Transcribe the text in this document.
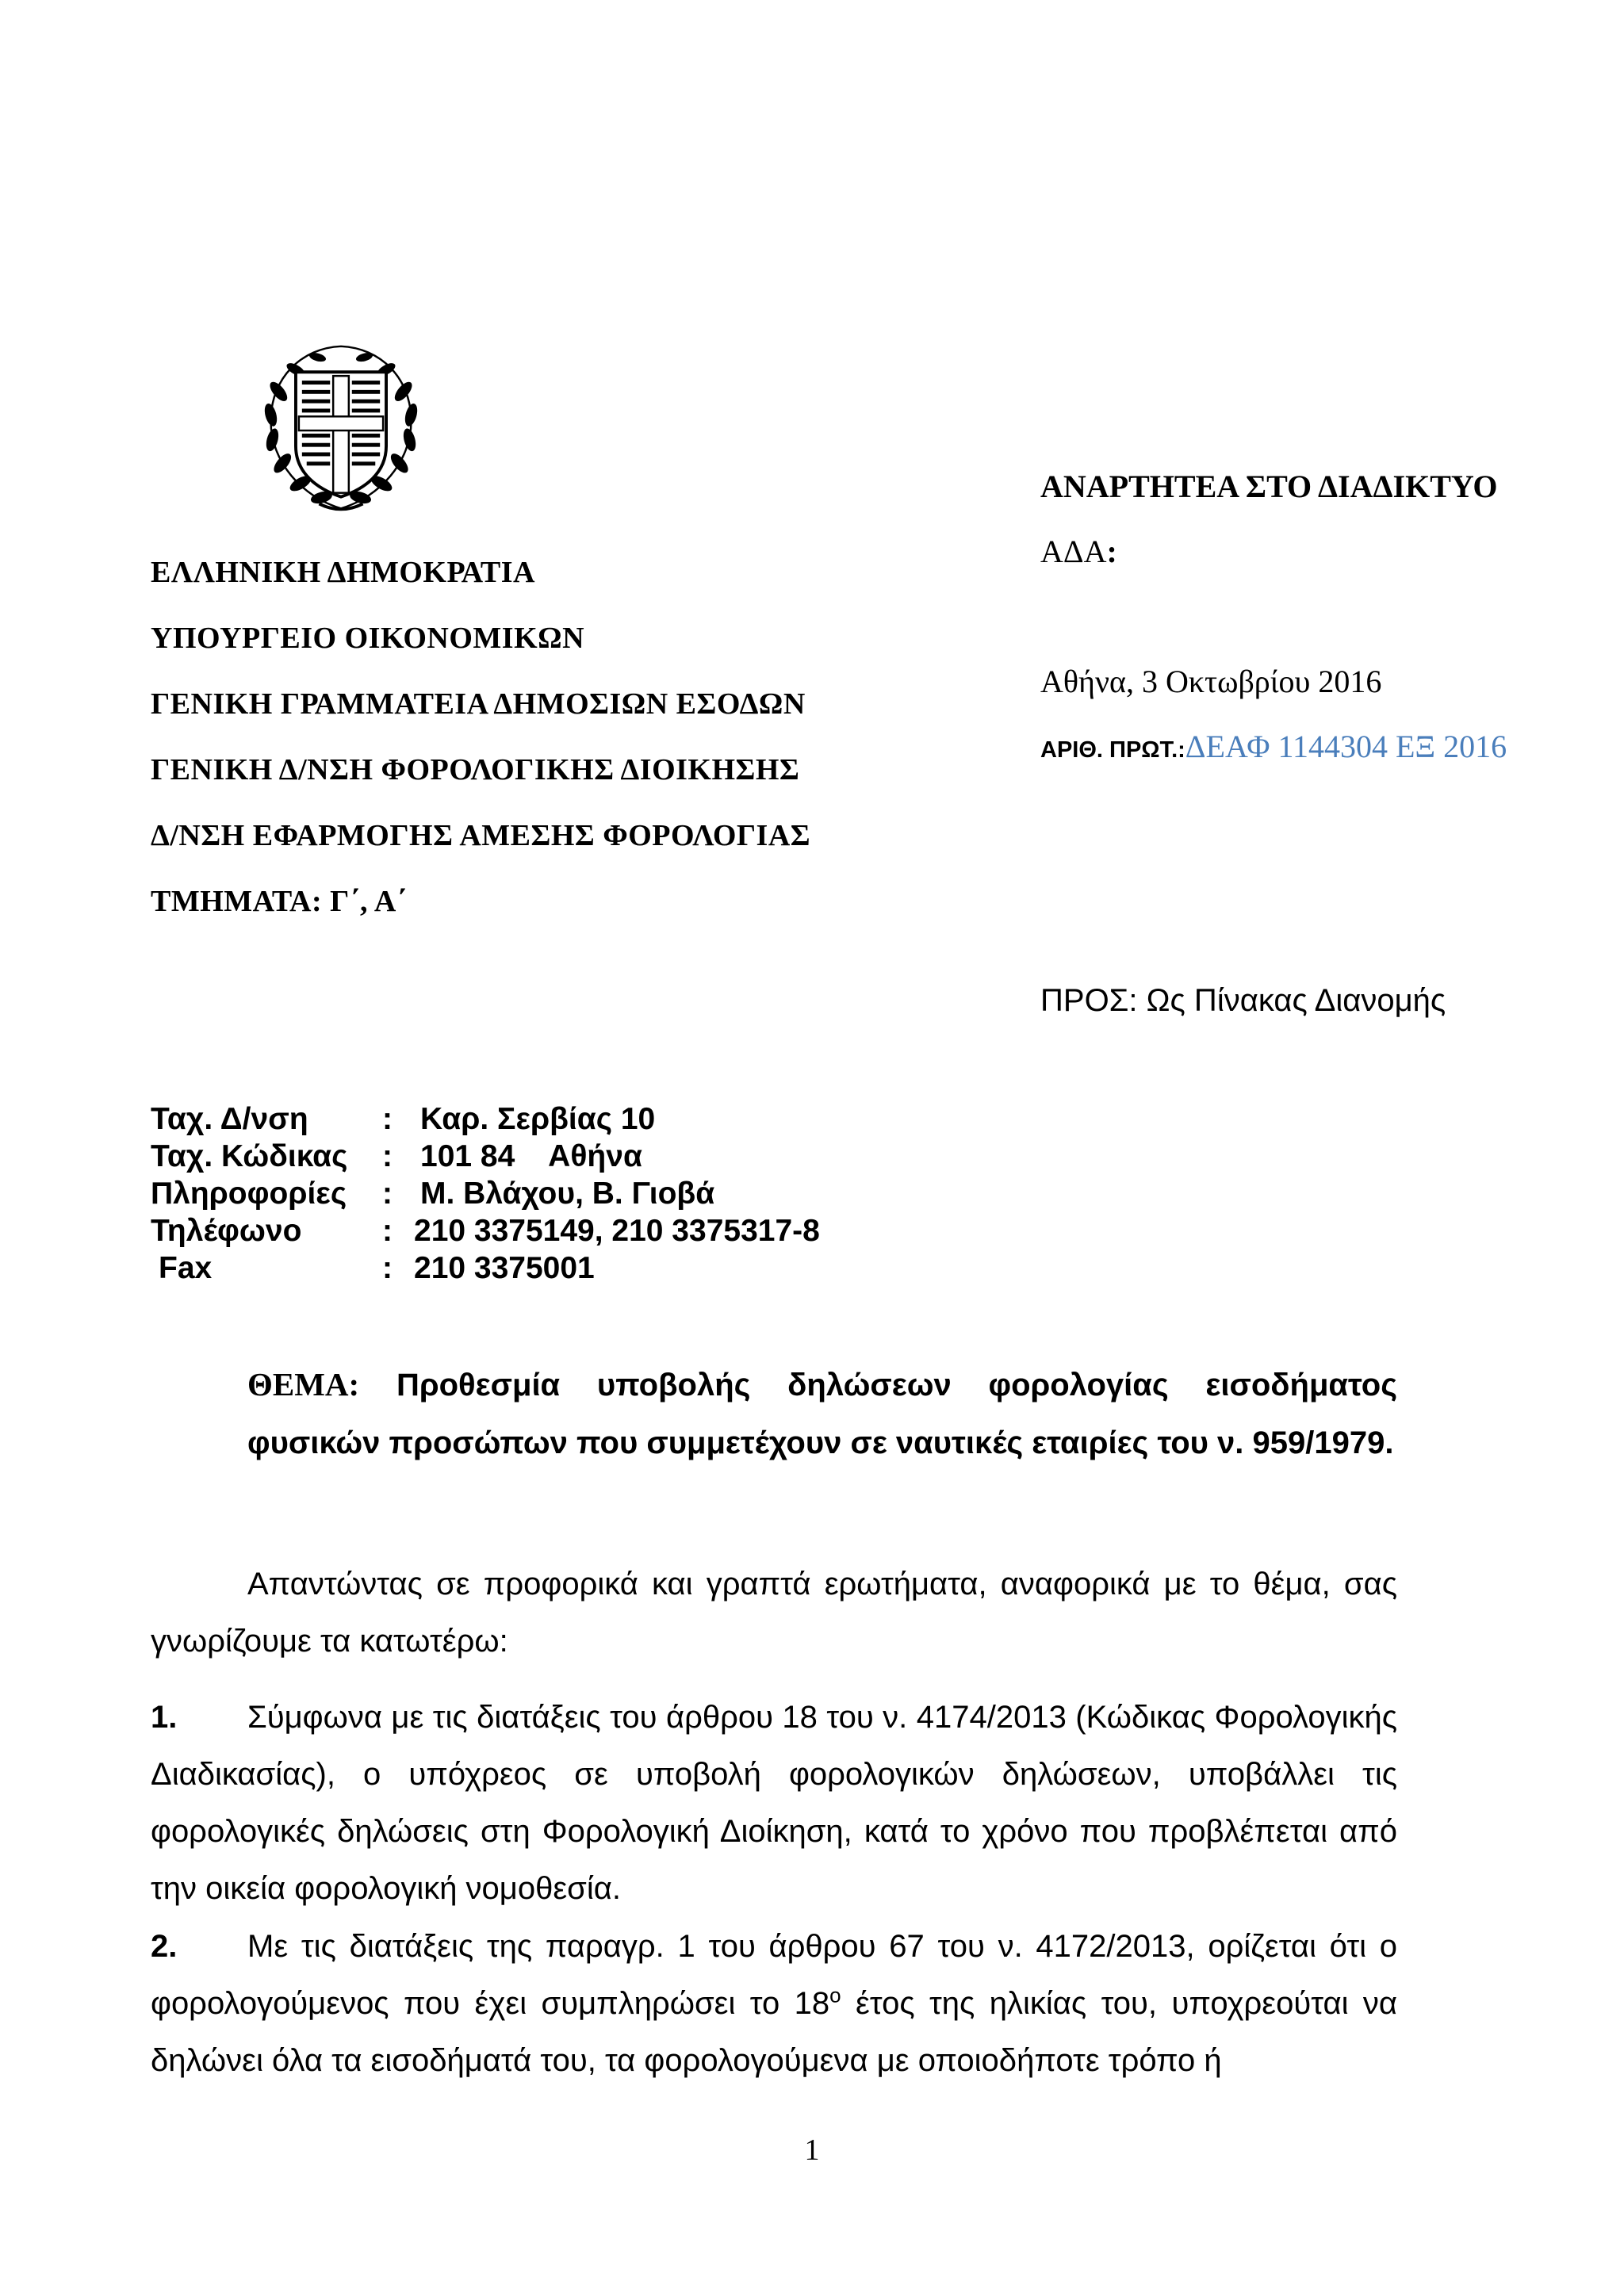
ΕΛΛΗΝΙΚΗ ΔΗΜΟΚΡΑΤΙΑ
ΥΠΟΥΡΓΕΙΟ ΟΙΚΟΝΟΜΙΚΩΝ
ΓΕΝΙΚΗ ΓΡΑΜΜΑΤΕΙΑ ΔΗΜΟΣΙΩΝ ΕΣΟΔΩΝ
ΓΕΝΙΚΗ Δ/ΝΣΗ ΦΟΡΟΛΟΓΙΚΗΣ ΔΙΟΙΚΗΣΗΣ
Δ/ΝΣΗ ΕΦΑΡΜΟΓΗΣ ΑΜΕΣΗΣ ΦΟΡΟΛΟΓΙΑΣ
ΤΜΗΜΑΤΑ: Γ΄, Α΄
ΑΝΑΡΤΗΤΕΑ ΣΤΟ ΔΙΑΔΙΚΤΥΟ
ΑΔΑ:
Αθήνα, 3 Οκτωβρίου 2016
ΑΡΙΘ. ΠΡΩΤ.:ΔΕΑΦ 1144304 ΕΞ 2016
ΠΡΟΣ: Ως Πίνακας Διανομής
Ταχ. Δ/νση : Καρ. Σερβίας 10
Ταχ. Κώδικας : 101 84    Αθήνα
Πληροφορίες : Μ. Βλάχου, Β. Γιοβά
Τηλέφωνο	: 210 3375149, 210 3375317-8
Fax	: 210 3375001
ΘΕΜΑ: Προθεσμία υποβολής δηλώσεων φορολογίας εισοδήματος φυσικών προσώπων που συμμετέχουν σε ναυτικές εταιρίες του ν. 959/1979.
Απαντώντας σε προφορικά και γραπτά ερωτήματα, αναφορικά με το θέμα, σας γνωρίζουμε τα κατωτέρω:
1. Σύμφωνα με τις διατάξεις του άρθρου 18 του ν. 4174/2013 (Κώδικας Φορολογικής Διαδικασίας), ο υπόχρεος σε υποβολή φορολογικών δηλώσεων, υποβάλλει τις φορολογικές δηλώσεις στη Φορολογική Διοίκηση, κατά το χρόνο που προβλέπεται από την οικεία φορολογική νομοθεσία.
2. Με τις διατάξεις της παραγρ. 1 του άρθρου 67 του ν. 4172/2013, ορίζεται ότι ο φορολογούμενος που έχει συμπληρώσει το $18^o$ έτος της ηλικίας του, υποχρεούται να δηλώνει όλα τα εισοδήματά του, τα φορολογούμενα με οποιοδήποτε τρόπο ή
1
